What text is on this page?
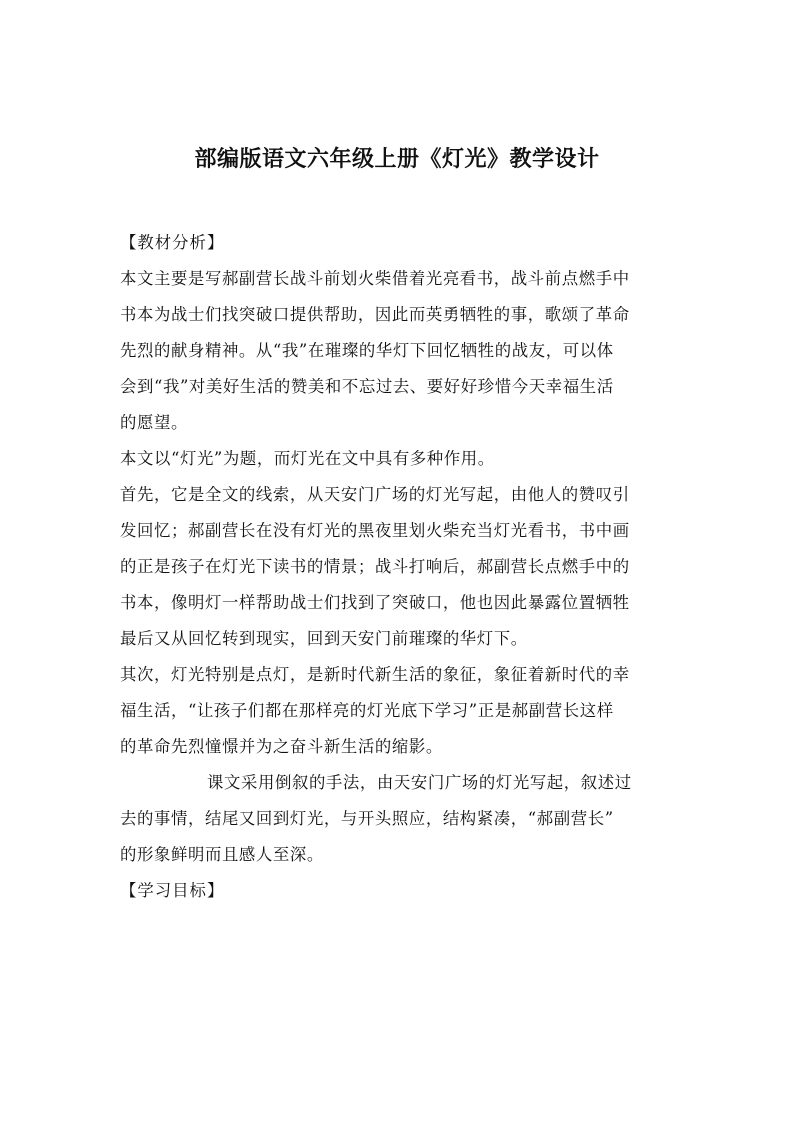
部编版语文六年级上册《灯光》教学设计
【教材分析】
本文主要是写郝副营长战斗前划火柴借着光亮看书，战斗前点燃手中
书本为战士们找突破口提供帮助，因此而英勇牺牲的事，歌颂了革命
先烈的献身精神。从“我”在璀璨的华灯下回忆牺牲的战友，可以体
会到“我”对美好生活的赞美和不忘过去、要好好珍惜今天幸福生活
的愿望。
本文以“灯光”为题，而灯光在文中具有多种作用。
首先，它是全文的线索，从天安门广场的灯光写起，由他人的赞叹引
发回忆；郝副营长在没有灯光的黑夜里划火柴充当灯光看书，书中画
的正是孩子在灯光下读书的情景；战斗打响后，郝副营长点燃手中的
书本，像明灯一样帮助战士们找到了突破口，他也因此暴露位置牺牲
最后又从回忆转到现实，回到天安门前璀璨的华灯下。
其次，灯光特别是点灯，是新时代新生活的象征，象征着新时代的幸
福生活，“让孩子们都在那样亮的灯光底下学习”正是郝副营长这样
的革命先烈憧憬并为之奋斗新生活的缩影。
课文采用倒叙的手法，由天安门广场的灯光写起，叙述过
去的事情，结尾又回到灯光，与开头照应，结构紧凑，“郝副营长”
的形象鲜明而且感人至深。
【学习目标】
